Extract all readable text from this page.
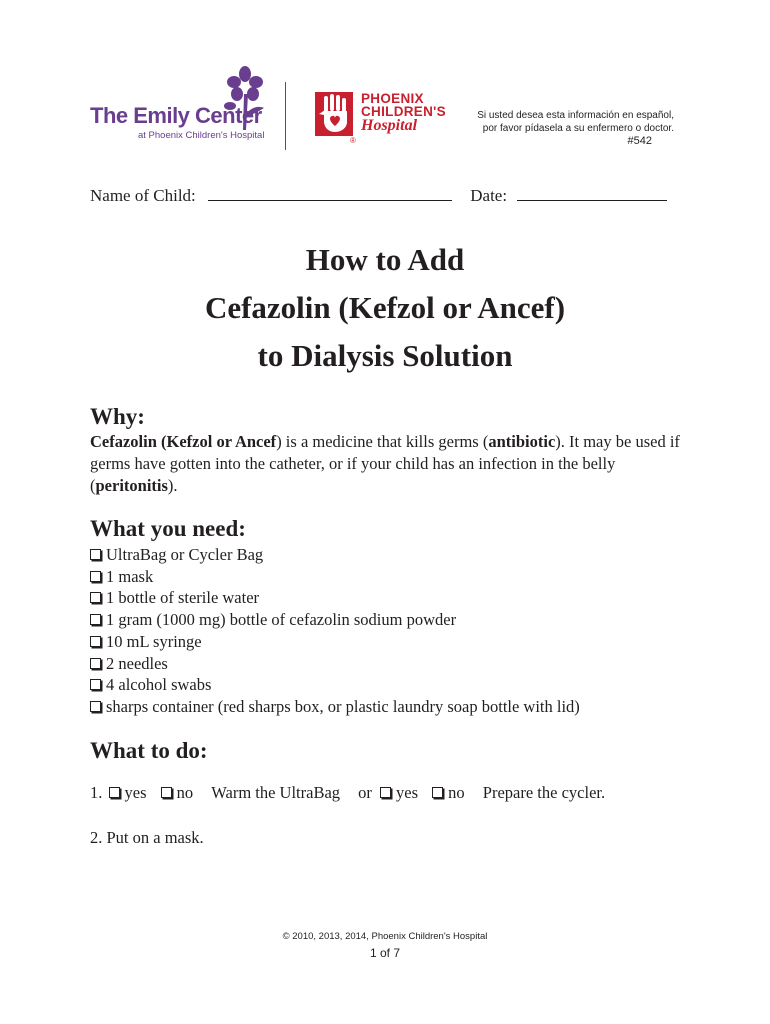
The Emily Center
at Phoenix Children's Hospital	®
PHOENIX
CHILDREN'S
Hospital
Si usted desea esta información en español,
por favor pídasela a su enfermero o doctor.
#542
Name of Child:	Date:
How to Add
Cefazolin (Kefzol or Ancef)
to Dialysis Solution
Why:
Cefazolin (Kefzol or Ancef) is a medicine that kills germs (antibiotic). It may be used if germs have gotten into the catheter, or if your child has an infection in the belly (peritonitis).
What you need:
UltraBag or Cycler Bag
1 mask
1 bottle of sterile water
1 gram (1000 mg) bottle of cefazolin sodium powder
10 mL syringe
2 needles
4 alcohol swabs
sharps container (red sharps box, or plastic laundry soap bottle with lid)
What to do:
1. yes no Warm the UltraBag or yes no Prepare the cycler.
2. Put on a mask.
© 2010, 2013, 2014, Phoenix Children's Hospital
1 of 7
